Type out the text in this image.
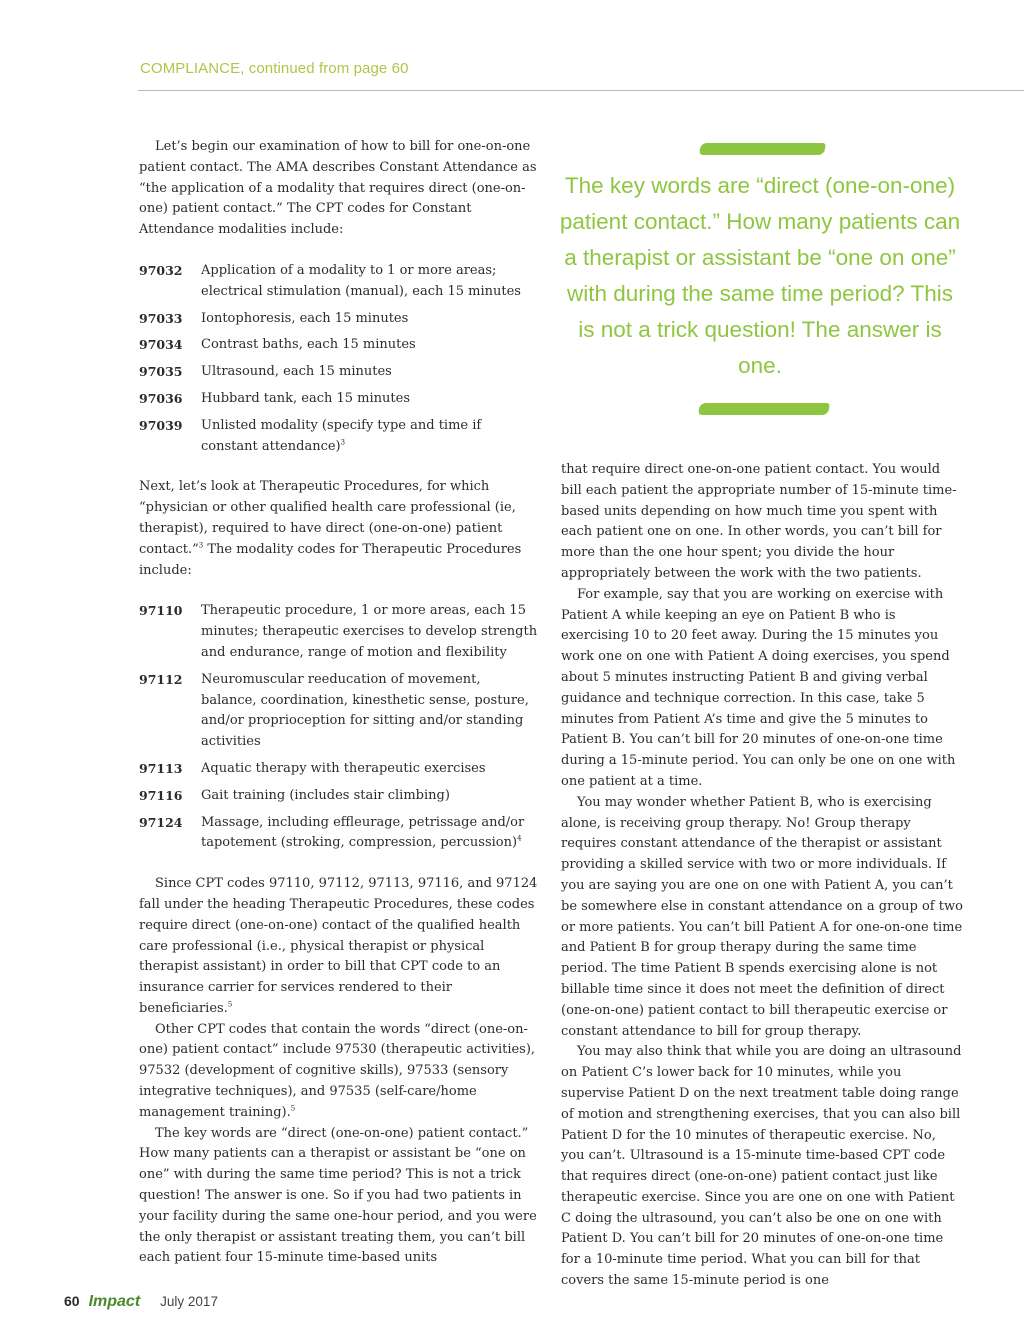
COMPLIANCE, continued from page 60

Let’s begin our examination of how to bill for one-on-one patient contact. The AMA describes Constant Attendance as “the application of a modality that requires direct (one-on-one) patient contact.” The CPT codes for Constant Attendance modalities include:

97032	Application of a modality to 1 or more areas; electrical stimulation (manual), each 15 minutes
97033	Iontophoresis, each 15 minutes
97034	Contrast baths, each 15 minutes
97035	Ultrasound, each 15 minutes
97036	Hubbard tank, each 15 minutes
97039	Unlisted modality (specify type and time if constant attendance)$^3$

Next, let’s look at Therapeutic Procedures, for which “physician or other qualified health care professional (ie, therapist), required to have direct (one-on-one) patient contact.”$^3$ The modality codes for Therapeutic Procedures include:

97110	Therapeutic procedure, 1 or more areas, each 15 minutes; therapeutic exercises to develop strength and endurance, range of motion and flexibility
97112	Neuromuscular reeducation of movement, balance, coordination, kinesthetic sense, posture, and/or proprioception for sitting and/or standing activities
97113	Aquatic therapy with therapeutic exercises
97116	Gait training (includes stair climbing)
97124	Massage, including effleurage, petrissage and/or tapotement (stroking, compression, percussion)$^4$

Since CPT codes 97110, 97112, 97113, 97116, and 97124 fall under the heading Therapeutic Procedures, these codes require direct (one-on-one) contact of the qualified health care professional (i.e., physical therapist or physical therapist assistant) in order to bill that CPT code to an insurance carrier for services rendered to their beneficiaries.$^5$

Other CPT codes that contain the words “direct (one-on-one) patient contact” include 97530 (therapeutic activities), 97532 (development of cognitive skills), 97533 (sensory integrative techniques), and 97535 (self-care/home management training).$^5$

The key words are “direct (one-on-one) patient contact.” How many patients can a therapist or assistant be “one on one” with during the same time period? This is not a trick question! The answer is one. So if you had two patients in your facility during the same one-hour period, and you were the only therapist or assistant treating them, you can’t bill each patient four 15-minute time-based units

The key words are “direct (one-on-one) patient contact.” How many patients can a therapist or assistant be “one on one” with during the same time period? This is not a trick question! The answer is one.

that require direct one-on-one patient contact. You would bill each patient the appropriate number of 15-minute time-based units depending on how much time you spent with each patient one on one. In other words, you can’t bill for more than the one hour spent; you divide the hour appropriately between the work with the two patients.

For example, say that you are working on exercise with Patient A while keeping an eye on Patient B who is exercising 10 to 20 feet away. During the 15 minutes you work one on one with Patient A doing exercises, you spend about 5 minutes instructing Patient B and giving verbal guidance and technique correction. In this case, take 5 minutes from Patient A’s time and give the 5 minutes to Patient B. You can’t bill for 20 minutes of one-on-one time during a 15-minute period. You can only be one on one with one patient at a time.

You may wonder whether Patient B, who is exercising alone, is receiving group therapy. No! Group therapy requires constant attendance of the therapist or assistant providing a skilled service with two or more individuals. If you are saying you are one on one with Patient A, you can’t be somewhere else in constant attendance on a group of two or more patients. You can’t bill Patient A for one-on-one time and Patient B for group therapy during the same time period. The time Patient B spends exercising alone is not billable time since it does not meet the definition of direct (one-on-one) patient contact to bill therapeutic exercise or constant attendance to bill for group therapy.

You may also think that while you are doing an ultrasound on Patient C’s lower back for 10 minutes, while you supervise Patient D on the next treatment table doing range of motion and strengthening exercises, that you can also bill Patient D for the 10 minutes of therapeutic exercise. No, you can’t. Ultrasound is a 15-minute time-based CPT code that requires direct (one-on-one) patient contact just like therapeutic exercise. Since you are one on one with Patient C doing the ultrasound, you can’t also be one on one with Patient D. You can’t bill for 20 minutes of one-on-one time for a 10-minute time period. What you can bill for that covers the same 15-minute period is one

60 Impact July 2017
